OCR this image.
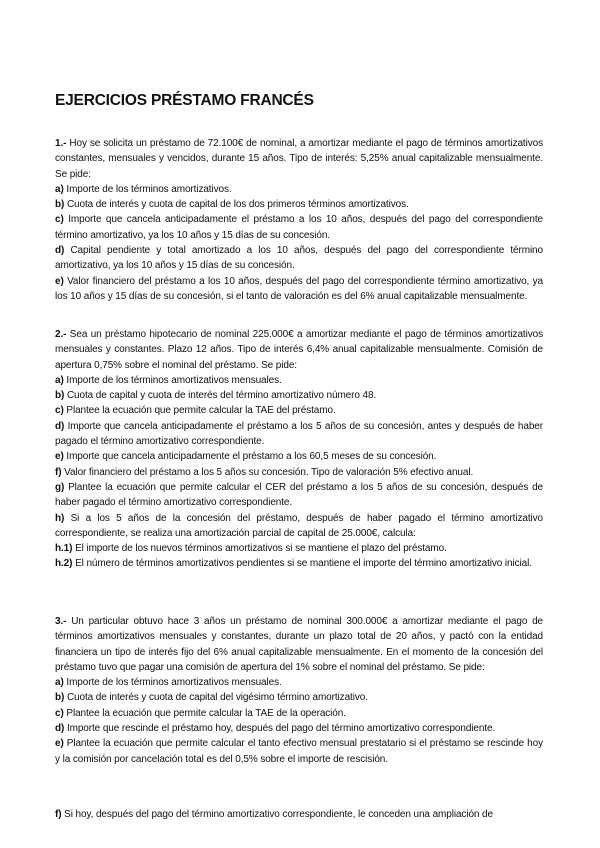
EJERCICIOS PRÉSTAMO FRANCÉS

1.- Hoy se solicita un préstamo de 72.100€ de nominal, a amortizar mediante el pago de términos amortizativos constantes, mensuales y vencidos, durante 15 años. Tipo de interés: 5,25% anual capitalizable mensualmente. Se pide:

a) Importe de los términos amortizativos.

b) Cuota de interés y cuota de capital de los dos primeros términos amortizativos.

c) Importe que cancela anticipadamente el préstamo a los 10 años, después del pago del correspondiente término amortizativo, ya los 10 años y 15 días de su concesión.

d) Capital pendiente y total amortizado a los 10 años, después del pago del correspondiente término amortizativo, ya los 10 años y 15 días de su concesión.

e) Valor financiero del préstamo a los 10 años, después del pago del correspondiente término amortizativo, ya los 10 años y 15 días de su concesión, si el tanto de valoración es del 6% anual capitalizable mensualmente.

2.- Sea un préstamo hipotecario de nominal 225.000€ a amortizar mediante el pago de términos amortizativos mensuales y constantes. Plazo 12 años. Tipo de interés 6,4% anual capitalizable mensualmente. Comisión de apertura 0,75% sobre el nominal del préstamo. Se pide:

a) Importe de los términos amortizativos mensuales.

b) Cuota de capital y cuota de interés del término amortizativo número 48.

c) Plantee la ecuación que permite calcular la TAE del préstamo.

d) Importe que cancela anticipadamente el préstamo a los 5 años de su concesión, antes y después de haber pagado el término amortizativo correspondiente.

e) Importe que cancela anticipadamente el préstamo a los 60,5 meses de su concesión.

f) Valor financiero del préstamo a los 5 años su concesión. Tipo de valoración 5% efectivo anual.

g) Plantee la ecuación que permite calcular el CER del préstamo a los 5 años de su concesión, después de haber pagado el término amortizativo correspondiente.

h) Si a los 5 años de la concesión del préstamo, después de haber pagado el término amortizativo correspondiente, se realiza una amortización parcial de capital de 25.000€, calcula:

h.1) El importe de los nuevos términos amortizativos si se mantiene el plazo del préstamo.

h.2) El número de términos amortizativos pendientes si se mantiene el importe del término amortizativo inicial.

3.- Un particular obtuvo hace 3 años un préstamo de nominal 300.000€ a amortizar mediante el pago de términos amortizativos mensuales y constantes, durante un plazo total de 20 años, y pactó con la entidad financiera un tipo de interés fijo del 6% anual capitalizable mensualmente. En el momento de la concesión del préstamo tuvo que pagar una comisión de apertura del 1% sobre el nominal del préstamo. Se pide:

a) Importe de los términos amortizativos mensuales.

b) Cuota de interés y cuota de capital del vigésimo término amortizativo.

c) Plantee la ecuación que permite calcular la TAE de la operación.

d) Importe que rescinde el préstamo hoy, después del pago del término amortizativo correspondiente.

e) Plantee la ecuación que permite calcular el tanto efectivo mensual prestatario si el préstamo se rescinde hoy y la comisión por cancelación total es del 0,5% sobre el importe de rescisión.

f) Si hoy, después del pago del término amortizativo correspondiente, le conceden una ampliación de
